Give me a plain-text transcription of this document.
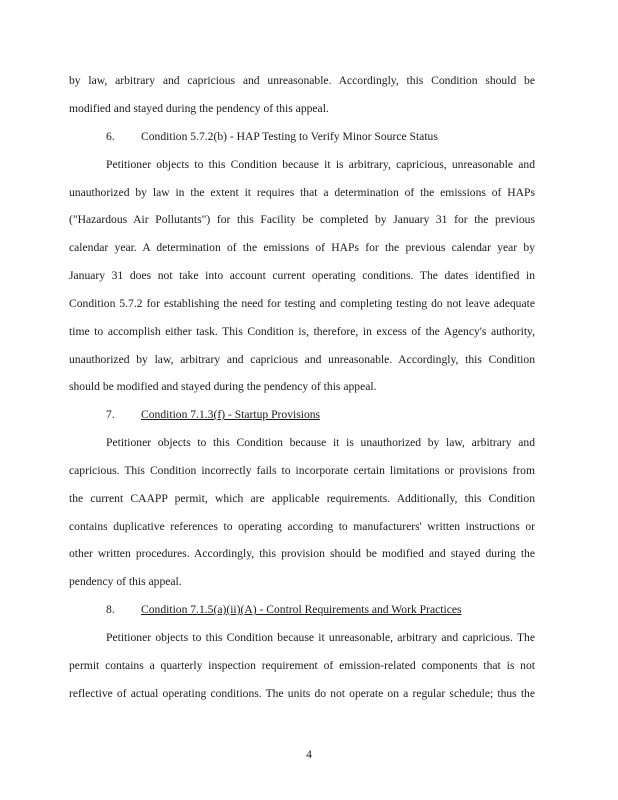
by law, arbitrary and capricious and unreasonable. Accordingly, this Condition should be
modified and stayed during the pendency of this appeal.
6. Condition 5.7.2(b) - HAP Testing to Verify Minor Source Status
Petitioner objects to this Condition because it is arbitrary, capricious, unreasonable and
unauthorized by law in the extent it requires that a determination of the emissions of HAPs
("Hazardous Air Pollutants") for this Facility be completed by January 31 for the previous
calendar year. A determination of the emissions of HAPs for the previous calendar year by
January 31 does not take into account current operating conditions. The dates identified in
Condition 5.7.2 for establishing the need for testing and completing testing do not leave adequate
time to accomplish either task. This Condition is, therefore, in excess of the Agency's authority,
unauthorized by law, arbitrary and capricious and unreasonable. Accordingly, this Condition
should be modified and stayed during the pendency of this appeal.
7. Condition 7.1.3(f) - Startup Provisions
Petitioner objects to this Condition because it is unauthorized by law, arbitrary and
capricious. This Condition incorrectly fails to incorporate certain limitations or provisions from
the current CAAPP permit, which are applicable requirements. Additionally, this Condition
contains duplicative references to operating according to manufacturers' written instructions or
other written procedures. Accordingly, this provision should be modified and stayed during the
pendency of this appeal.
8. Condition 7.1.5(a)(ii)(A) - Control Requirements and Work Practices
Petitioner objects to this Condition because it unreasonable, arbitrary and capricious. The
permit contains a quarterly inspection requirement of emission-related components that is not
reflective of actual operating conditions. The units do not operate on a regular schedule; thus the
4
